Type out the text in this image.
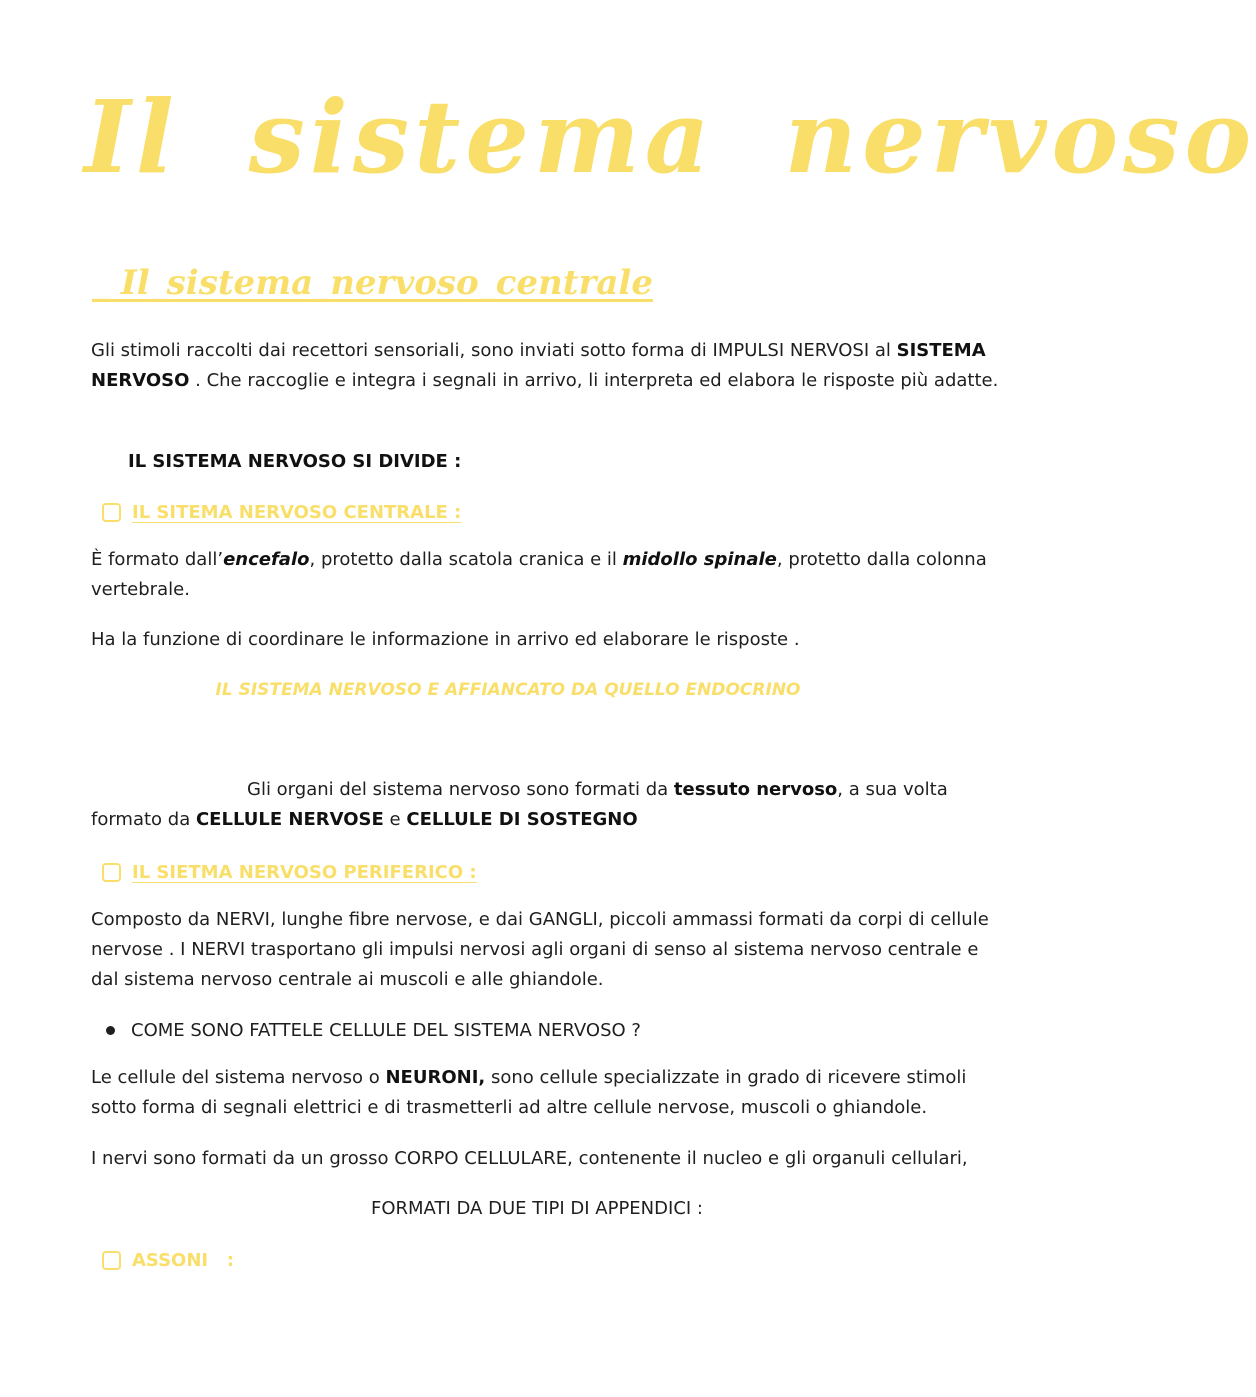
Il sistema nervoso
_ Il_sistema_nervoso_centrale

Gli stimoli raccolti dai recettori sensoriali, sono inviati sotto forma di IMPULSI NERVOSI al SISTEMA NERVOSO . Che raccoglie e integra i segnali in arrivo, li interpreta ed elabora le risposte più adatte.

IL SISTEMA NERVOSO SI DIVIDE :

IL SITEMA NERVOSO CENTRALE :

È formato dall’encefalo, protetto dalla scatola cranica e il midollo spinale, protetto dalla colonna vertebrale.

Ha la funzione di coordinare le informazione in arrivo ed elaborare le risposte .

IL SISTEMA NERVOSO E AFFIANCATO DA QUELLO ENDOCRINO

Gli organi del sistema nervoso sono formati da tessuto nervoso, a sua volta formato da CELLULE NERVOSE e CELLULE DI SOSTEGNO

IL SIETMA NERVOSO PERIFERICO :

Composto da NERVI, lunghe fibre nervose, e dai GANGLI, piccoli ammassi formati da corpi di cellule nervose . I NERVI trasportano gli impulsi nervosi agli organi di senso al sistema nervoso centrale e dal sistema nervoso centrale ai muscoli e alle ghiandole.

COME SONO FATTELE CELLULE DEL SISTEMA NERVOSO ?

Le cellule del sistema nervoso o NEURONI, sono cellule specializzate in grado di ricevere stimoli sotto forma di segnali elettrici e di trasmetterli ad altre cellule nervose, muscoli o ghiandole.

I nervi sono formati da un grosso CORPO CELLULARE, contenente il nucleo e gli organuli cellulari,

FORMATI DA DUE TIPI DI APPENDICI :

ASSONI   :
